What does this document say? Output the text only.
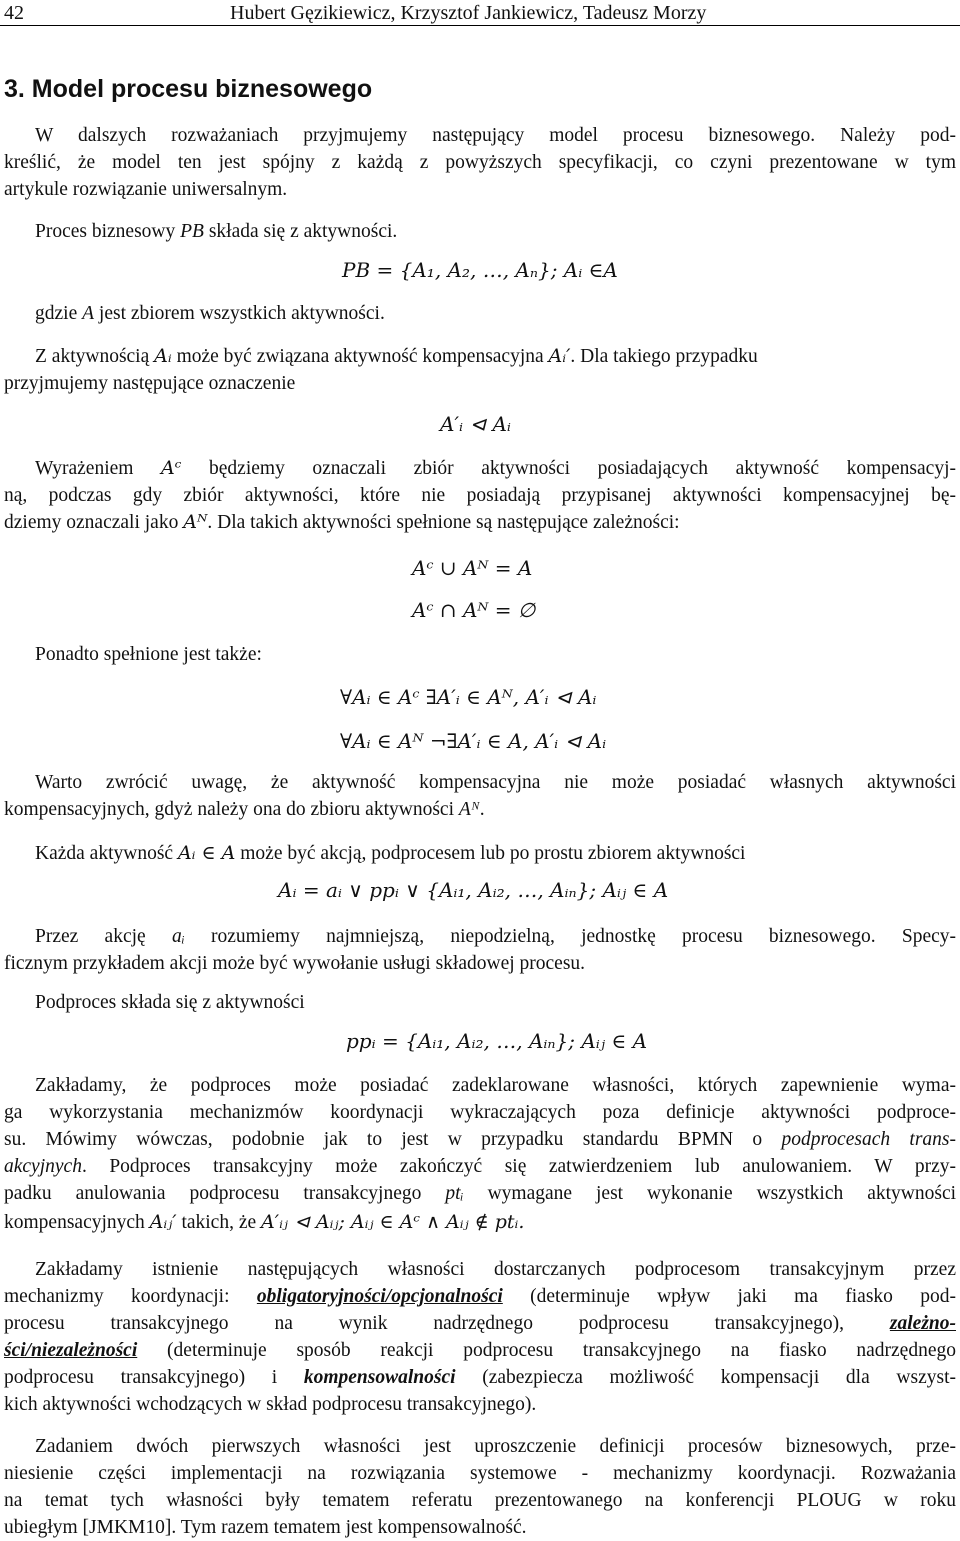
42	Hubert Gęzikiewicz, Krzysztof Jankiewicz, Tadeusz Morzy
3. Model procesu biznesowego
W dalszych rozważaniach przyjmujemy następujący model procesu biznesowego. Należy pod-
kreślić, że model ten jest spójny z każdą z powyższych specyfikacji, co czyni prezentowane w tym
artykule rozwiązanie uniwersalnym.
Proces biznesowy PB składa się z aktywności.
PB = {A₁, A₂, …, Aₙ}; Aᵢ ∈A
gdzie A jest zbiorem wszystkich aktywności.
Z aktywnością Aᵢ może być związana aktywność kompensacyjna Aᵢ′. Dla takiego przypadku
przyjmujemy następujące oznaczenie
A′ᵢ ⊲ Aᵢ
Wyrażeniem Aᶜ będziemy oznaczali zbiór aktywności posiadających aktywność kompensacyj-
ną, podczas gdy zbiór aktywności, które nie posiadają przypisanej aktywności kompensacyjnej bę-
dziemy oznaczali jako Aᴺ. Dla takich aktywności spełnione są następujące zależności:
Aᶜ ∪ Aᴺ = A
Aᶜ ∩ Aᴺ = ∅
Ponadto spełnione jest także:
∀Aᵢ ∈ Aᶜ ∃A′ᵢ ∈ Aᴺ, A′ᵢ ⊲ Aᵢ
∀Aᵢ ∈ Aᴺ ¬∃A′ᵢ ∈ A, A′ᵢ ⊲ Aᵢ
Warto zwrócić uwagę, że aktywność kompensacyjna nie może posiadać własnych aktywności
kompensacyjnych, gdyż należy ona do zbioru aktywności Aᴺ.
Każda aktywność Aᵢ ∈ A może być akcją, podprocesem lub po prostu zbiorem aktywności
Aᵢ = aᵢ ∨ ppᵢ ∨ {Aᵢ₁, Aᵢ₂, …, Aᵢₙ}; Aᵢⱼ ∈ A
Przez akcję aᵢ rozumiemy najmniejszą, niepodzielną, jednostkę procesu biznesowego. Specy-
ficznym przykładem akcji może być wywołanie usługi składowej procesu.
Podproces składa się z aktywności
ppᵢ = {Aᵢ₁, Aᵢ₂, …, Aᵢₙ}; Aᵢⱼ ∈ A
Zakładamy, że podproces może posiadać zadeklarowane własności, których zapewnienie wyma-
ga wykorzystania mechanizmów koordynacji wykraczających poza definicje aktywności podproce-
su. Mówimy wówczas, podobnie jak to jest w przypadku standardu BPMN o podprocesach trans-
akcyjnych. Podproces transakcyjny może zakończyć się zatwierdzeniem lub anulowaniem. W przy-
padku anulowania podprocesu transakcyjnego ptᵢ wymagane jest wykonanie wszystkich aktywności
kompensacyjnych Aᵢⱼ′ takich, że A′ᵢⱼ ⊲ Aᵢⱼ; Aᵢⱼ ∈ Aᶜ ∧ Aᵢⱼ ∉ ptᵢ.
Zakładamy istnienie następujących własności dostarczanych podprocesom transakcyjnym przez
mechanizmy koordynacji: obligatoryjności/opcjonalności (determinuje wpływ jaki ma fiasko pod-
procesu transakcyjnego na wynik nadrzędnego podprocesu transakcyjnego), zależno-
ści/niezależności (determinuje sposób reakcji podprocesu transakcyjnego na fiasko nadrzędnego
podprocesu transakcyjnego) i kompensowalności (zabezpiecza możliwość kompensacji dla wszyst-
kich aktywności wchodzących w skład podprocesu transakcyjnego).
Zadaniem dwóch pierwszych własności jest uproszczenie definicji procesów biznesowych, prze-
niesienie części implementacji na rozwiązania systemowe - mechanizmy koordynacji. Rozważania
na temat tych własności były tematem referatu prezentowanego na konferencji PLOUG w roku
ubiegłym [JMKM10]. Tym razem tematem jest kompensowalność.
